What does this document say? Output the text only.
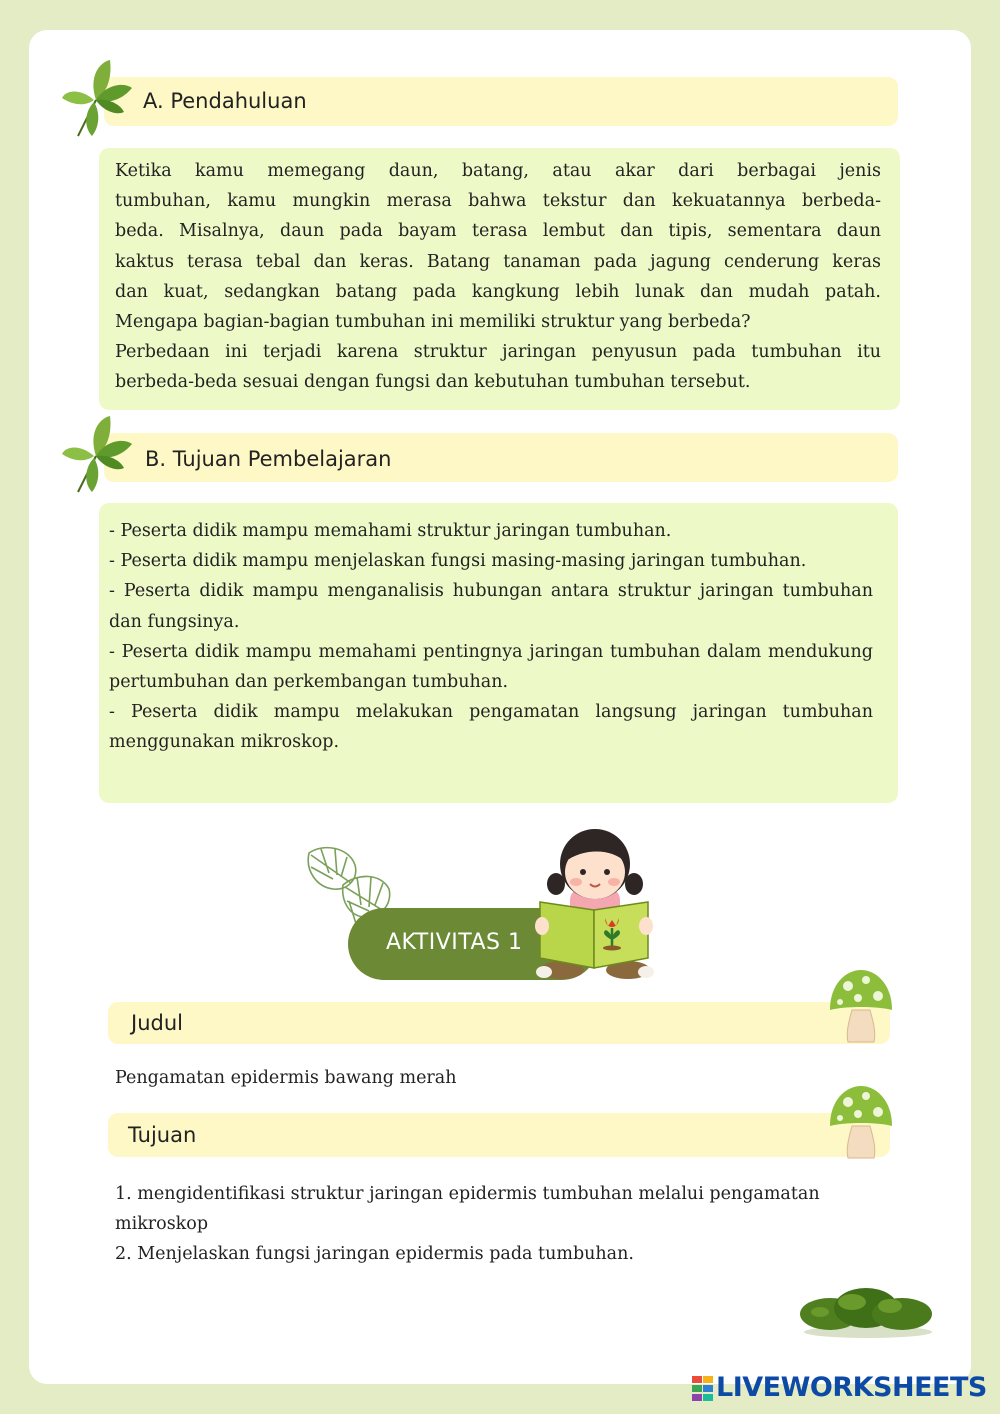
A. Pendahuluan
Ketika kamu memegang daun, batang, atau akar dari berbagai jenis
tumbuhan, kamu mungkin merasa bahwa tekstur dan kekuatannya berbeda-
beda. Misalnya, daun pada bayam terasa lembut dan tipis, sementara daun
kaktus terasa tebal dan keras. Batang tanaman pada jagung cenderung keras
dan kuat, sedangkan batang pada kangkung lebih lunak dan mudah patah.
Mengapa bagian-bagian tumbuhan ini memiliki struktur yang berbeda?
Perbedaan ini terjadi karena struktur jaringan penyusun pada tumbuhan itu
berbeda-beda sesuai dengan fungsi dan kebutuhan tumbuhan tersebut.
B. Tujuan Pembelajaran
- Peserta didik mampu memahami struktur jaringan tumbuhan.
- Peserta didik mampu menjelaskan fungsi masing-masing jaringan tumbuhan.
- Peserta didik mampu menganalisis hubungan antara struktur jaringan tumbuhan dan fungsinya.
- Peserta didik mampu memahami pentingnya jaringan tumbuhan dalam mendukung pertumbuhan dan perkembangan tumbuhan.
- Peserta didik mampu melakukan pengamatan langsung jaringan tumbuhan menggunakan mikroskop.
AKTIVITAS 1
Judul
Pengamatan epidermis bawang merah
Tujuan
1. mengidentifikasi struktur jaringan epidermis tumbuhan melalui pengamatan
mikroskop
2. Menjelaskan fungsi jaringan epidermis pada tumbuhan.
LIVEWORKSHEETS
